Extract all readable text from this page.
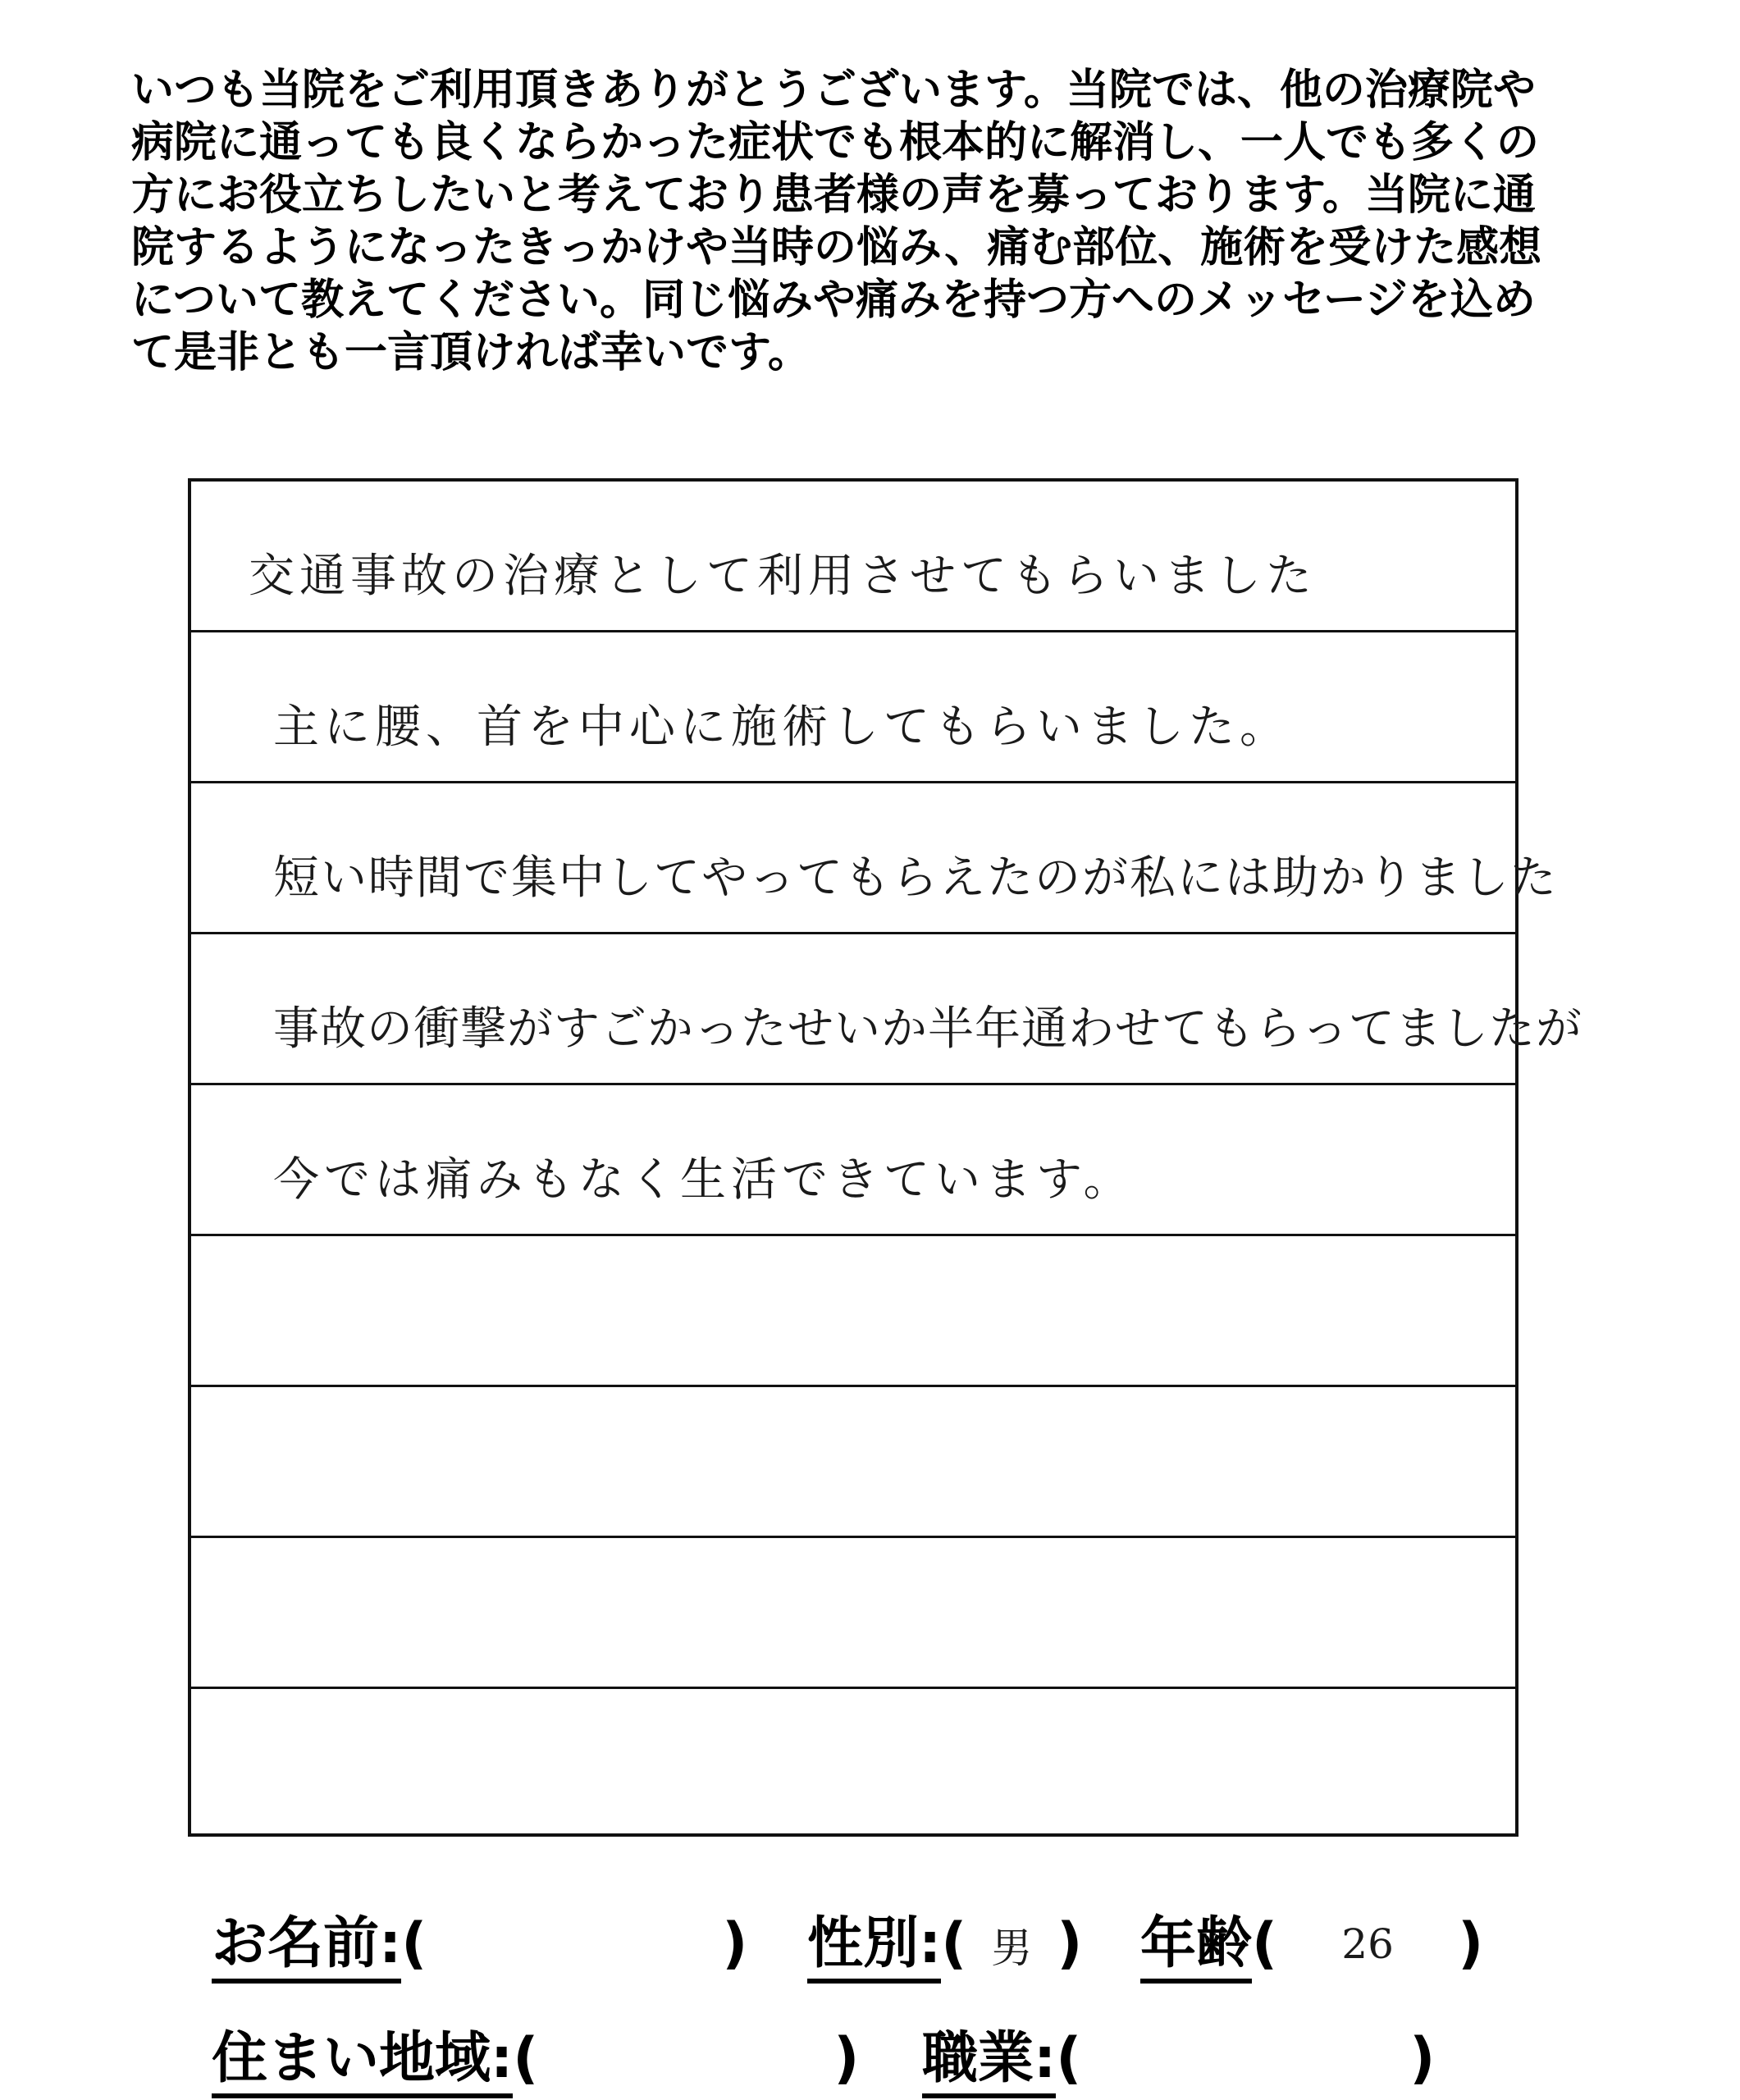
いつも当院をご利用頂きありがとうございます。当院では、他の治療院や
病院に通っても良くならかった症状でも根本的に解消し、一人でも多くの
方にお役立ちしたいと考えており患者様の声を募っております。当院に通
院するようになったきっかけや当時の悩み、痛む部位、施術を受けた感想
について教えてください。同じ悩みや痛みを持つ方へのメッセージを込め
て是非とも一言頂ければ幸いです。
交通事故の治療として利用させてもらいました
主に腰、首を中心に施術してもらいました。
短い時間で集中してやってもらえたのが私には助かりました
事故の衝撃がすごかったせいか半年通わせてもらってましたが
今では痛みもなく生活できています。
お名前:(	) 性別:( 男 ) 年齢( 26 )
住まい地域:(	) 職業:(	)
